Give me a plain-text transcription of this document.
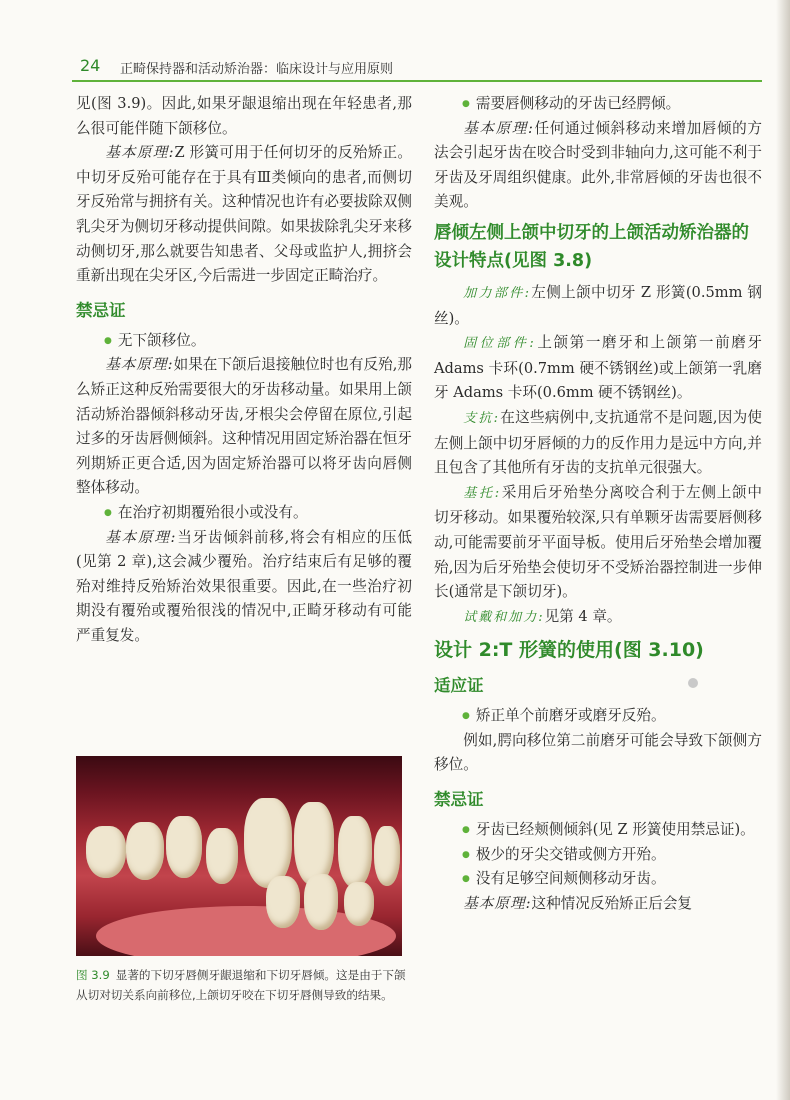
24 正畸保持器和活动矫治器：临床设计与应用原则

见(图 3.9)。因此,如果牙龈退缩出现在年轻患者,那么很可能伴随下颌移位。

基本原理:Z 形簧可用于任何切牙的反殆矫正。中切牙反殆可能存在于具有Ⅲ类倾向的患者,而侧切牙反殆常与拥挤有关。这种情况也许有必要拔除双侧乳尖牙为侧切牙移动提供间隙。如果拔除乳尖牙来移动侧切牙,那么就要告知患者、父母或监护人,拥挤会重新出现在尖牙区,今后需进一步固定正畸治疗。

禁忌证

● 无下颌移位。

基本原理:如果在下颌后退接触位时也有反殆,那么矫正这种反殆需要很大的牙齿移动量。如果用上颌活动矫治器倾斜移动牙齿,牙根尖会停留在原位,引起过多的牙齿唇侧倾斜。这种情况用固定矫治器在恒牙列期矫正更合适,因为固定矫治器可以将牙齿向唇侧整体移动。

● 在治疗初期覆殆很小或没有。

基本原理:当牙齿倾斜前移,将会有相应的压低(见第 2 章),这会减少覆殆。治疗结束后有足够的覆殆对维持反殆矫治效果很重要。因此,在一些治疗初期没有覆殆或覆殆很浅的情况中,正畸牙移动有可能严重复发。

图 3.9 显著的下切牙唇侧牙龈退缩和下切牙唇倾。这是由于下颌从切对切关系向前移位,上颌切牙咬在下切牙唇侧导致的结果。

● 需要唇侧移动的牙齿已经腭倾。

基本原理:任何通过倾斜移动来增加唇倾的方法会引起牙齿在咬合时受到非轴向力,这可能不利于牙齿及牙周组织健康。此外,非常唇倾的牙齿也很不美观。

唇倾左侧上颌中切牙的上颌活动矫治器的设计特点(见图 3.8)

加力部件:左侧上颌中切牙 Z 形簧(0.5mm 钢丝)。

固位部件:上颌第一磨牙和上颌第一前磨牙 Adams 卡环(0.7mm 硬不锈钢丝)或上颌第一乳磨牙 Adams 卡环(0.6mm 硬不锈钢丝)。

支抗:在这些病例中,支抗通常不是问题,因为使左侧上颌中切牙唇倾的力的反作用力是远中方向,并且包含了其他所有牙齿的支抗单元很强大。

基托:采用后牙殆垫分离咬合利于左侧上颌中切牙移动。如果覆殆较深,只有单颗牙齿需要唇侧移动,可能需要前牙平面导板。使用后牙殆垫会增加覆殆,因为后牙殆垫会使切牙不受矫治器控制进一步伸长(通常是下颌切牙)。

试戴和加力:见第 4 章。

设计 2:T 形簧的使用(图 3.10)
适应证

● 矫正单个前磨牙或磨牙反殆。

例如,腭向移位第二前磨牙可能会导致下颌侧方移位。

禁忌证

● 牙齿已经颊侧倾斜(见 Z 形簧使用禁忌证)。

● 极少的牙尖交错或侧方开殆。

● 没有足够空间颊侧移动牙齿。

基本原理:这种情况反殆矫正后会复
